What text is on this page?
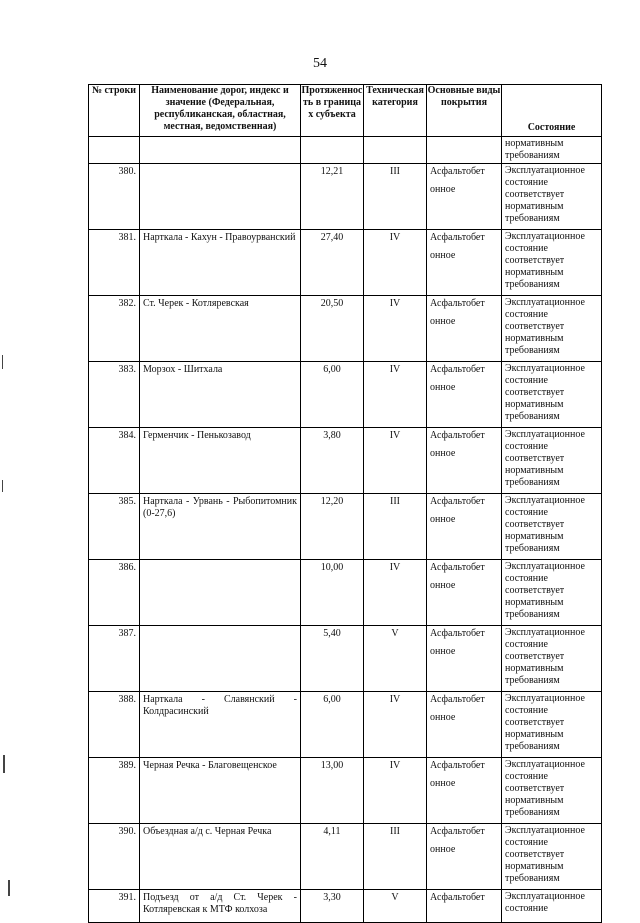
54
№ строки	Наименование дорог, индекс и значение (Федеральная, республиканская, областная, местная, ведомственная)	Протяженность в границах субъекта	Техническая категория	Основные виды покрытия	Состояние

					нормативным
требованиям

380.		12,21	III	Асфальтобет
онное	Эксплуатационное
состояние
соответствует
нормативным
требованиям

381.	Нарткала - Кахун - Правоурванский	27,40	IV	Асфальтобет
онное	Эксплуатационное
состояние
соответствует
нормативным
требованиям

382.	Ст. Черек - Котляревская	20,50	IV	Асфальтобет
онное	Эксплуатационное
состояние
соответствует
нормативным
требованиям

383.	Морзох - Шитхала	6,00	IV	Асфальтобет
онное	Эксплуатационное
состояние
соответствует
нормативным
требованиям

384.	Герменчик - Пенькозавод	3,80	IV	Асфальтобет
онное	Эксплуатационное
состояние
соответствует
нормативным
требованиям

385.	Нарткала - Урвань - Рыбопитомник (0-27,6)	12,20	III	Асфальтобет
онное	Эксплуатационное
состояние
соответствует
нормативным
требованиям

386.		10,00	IV	Асфальтобет
онное	Эксплуатационное
состояние
соответствует
нормативным
требованиям

387.		5,40	V	Асфальтобет
онное	Эксплуатационное
состояние
соответствует
нормативным
требованиям

388.	Нарткала - Славянский - Колдрасинский	6,00	IV	Асфальтобет
онное	Эксплуатационное
состояние
соответствует
нормативным
требованиям

389.	Черная Речка - Благовещенское	13,00	IV	Асфальтобет
онное	Эксплуатационное
состояние
соответствует
нормативным
требованиям

390.	Объездная а/д с. Черная Речка	4,11	III	Асфальтобет
онное	Эксплуатационное
состояние
соответствует
нормативным
требованиям

391.	Подъезд от а/д Ст. Черек - Котляревская к МТФ колхоза	3,30	V	Асфальтобет	Эксплуатационное
состояние
